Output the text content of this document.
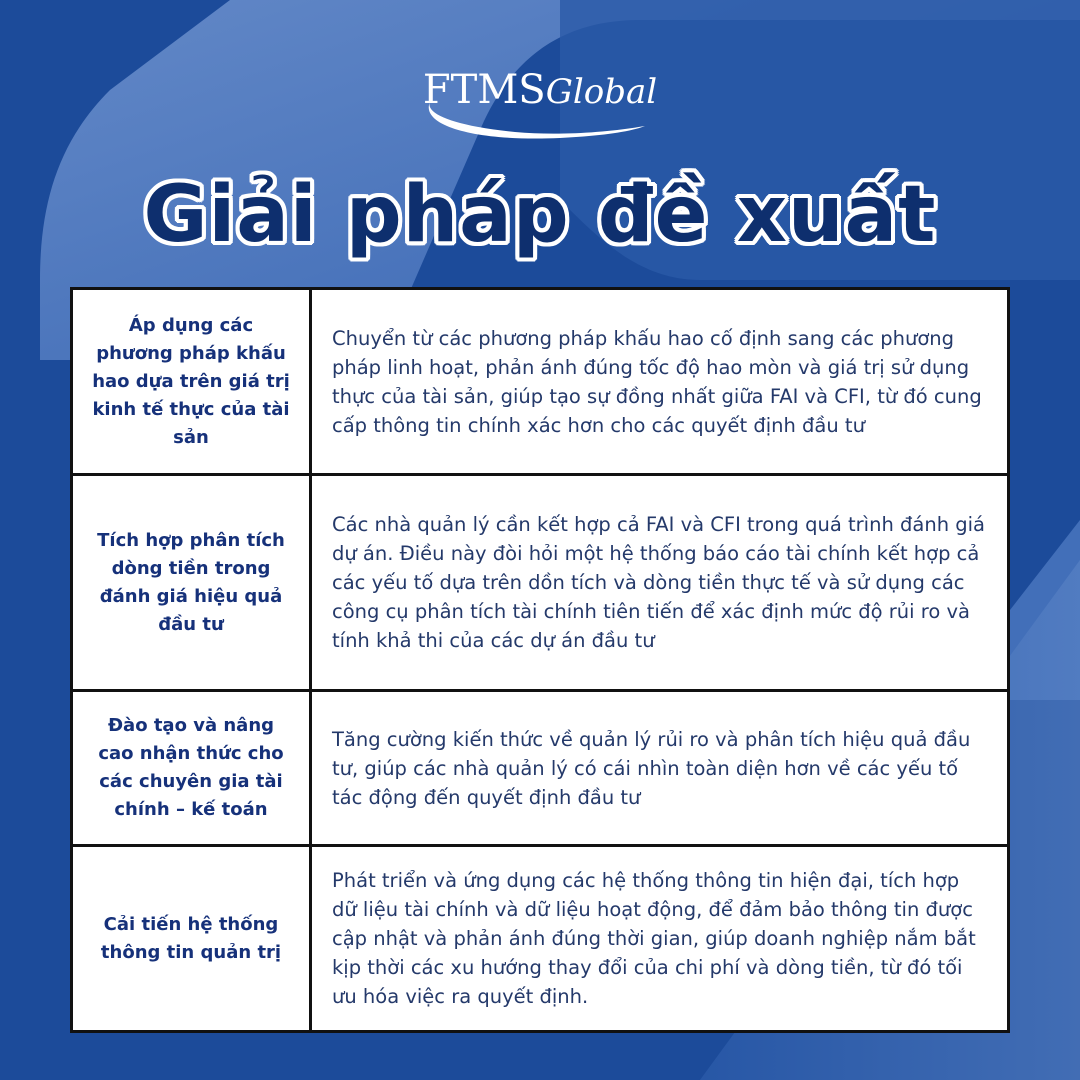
FTMSGlobal
Giải pháp đề xuất
Áp dụng các phương pháp khấu hao dựa trên giá trị kinh tế thực của tài sản	Chuyển từ các phương pháp khấu hao cố định sang các phương pháp linh hoạt, phản ánh đúng tốc độ hao mòn và giá trị sử dụng thực của tài sản, giúp tạo sự đồng nhất giữa FAI và CFI, từ đó cung cấp thông tin chính xác hơn cho các quyết định đầu tư
Tích hợp phân tích dòng tiền trong đánh giá hiệu quả đầu tư	Các nhà quản lý cần kết hợp cả FAI và CFI trong quá trình đánh giá dự án. Điều này đòi hỏi một hệ thống báo cáo tài chính kết hợp cả các yếu tố dựa trên dồn tích và dòng tiền thực tế và sử dụng các công cụ phân tích tài chính tiên tiến để xác định mức độ rủi ro và tính khả thi của các dự án đầu tư
Đào tạo và nâng cao nhận thức cho các chuyên gia tài chính – kế toán	Tăng cường kiến thức về quản lý rủi ro và phân tích hiệu quả đầu tư, giúp các nhà quản lý có cái nhìn toàn diện hơn về các yếu tố tác động đến quyết định đầu tư
Cải tiến hệ thống thông tin quản trị	Phát triển và ứng dụng các hệ thống thông tin hiện đại, tích hợp dữ liệu tài chính và dữ liệu hoạt động, để đảm bảo thông tin được cập nhật và phản ánh đúng thời gian, giúp doanh nghiệp nắm bắt kịp thời các xu hướng thay đổi của chi phí và dòng tiền, từ đó tối ưu hóa việc ra quyết định.
